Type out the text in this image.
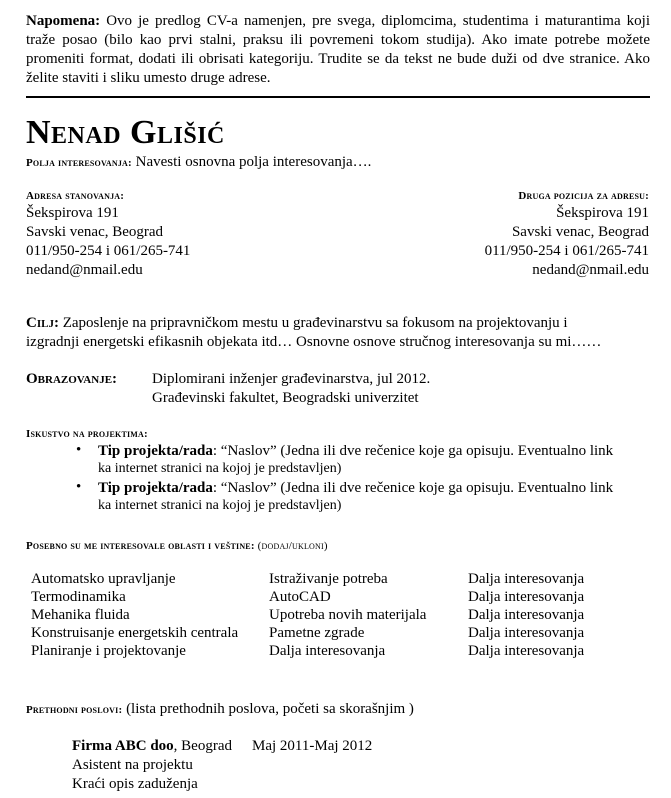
Napomena: Ovo je predlog CV-a namenjen, pre svega, diplomcima, studentima i maturantima koji traže posao (bilo kao prvi stalni, praksu ili povremeni tokom studija). Ako imate potrebe možete promeniti format, dodati ili obrisati kategoriju. Trudite se da tekst ne bude duži od dve stranice. Ako želite staviti i sliku umesto druge adrese.
Nenad Glišić
Polja interesovanja: Navesti osnovna polja interesovanja….
Adresa stanovanja:
Šekspirova 191
Savski venac, Beograd
011/950-254 i 061/265-741
nedand@nmail.edu
Druga pozicija za adresu:
Šekspirova 191
Savski venac, Beograd
011/950-254 i 061/265-741
nedand@nmail.edu
Cilj: Zaposlenje na pripravničkom mestu u građevinarstvu sa fokusom na projektovanju i
izgradnji energetski efikasnih objekata itd… Osnovne osnove stručnog interesovanja su mi……
Obrazovanje: Diplomirani inženjer građevinarstva, jul 2012.
Građevinski fakultet, Beogradski univerzitet
Iskustvo na projektima:
• Tip projekta/rada: “Naslov” (Jedna ili dve rečenice koje ga opisuju. Eventualno link
ka internet stranici na kojoj je predstavljen)
• Tip projekta/rada: “Naslov” (Jedna ili dve rečenice koje ga opisuju. Eventualno link
ka internet stranici na kojoj je predstavljen)
Posebno su me interesovale oblasti i veštine: (dodaj/ukloni)
Automatsko upravljanje	Istraživanje potreba	Dalja interesovanja
Termodinamika	AutoCAD	Dalja interesovanja
Mehanika fluida	Upotreba novih materijala	Dalja interesovanja
Konstruisanje energetskih centrala	Pametne zgrade	Dalja interesovanja
Planiranje i projektovanje	Dalja interesovanja	Dalja interesovanja
Prethodni poslovi: (lista prethodnih poslova, početi sa skorašnjim )
Firma ABC doo, Beograd Maj 2011-Maj 2012
Asistent na projektu
Kraći opis zaduženja
